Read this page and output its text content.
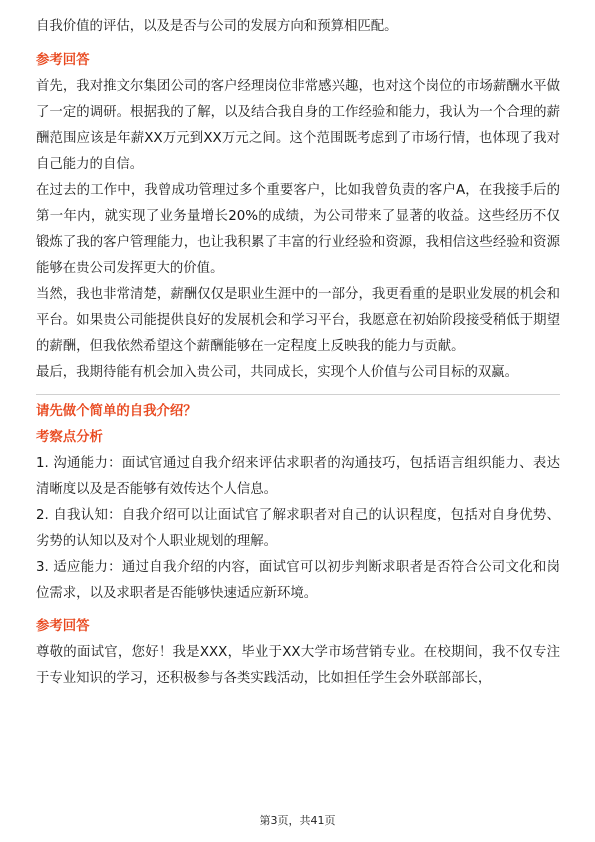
自我价值的评估，以及是否与公司的发展方向和预算相匹配。

参考回答

首先，我对推文尔集团公司的客户经理岗位非常感兴趣，也对这个岗位的市场薪酬水平做了一定的调研。根据我的了解，以及结合我自身的工作经验和能力，我认为一个合理的薪酬范围应该是年薪XX万元到XX万元之间。这个范围既考虑到了市场行情，也体现了我对自己能力的自信。

在过去的工作中，我曾成功管理过多个重要客户，比如我曾负责的客户A，在我接手后的第一年内，就实现了业务量增长20%的成绩，为公司带来了显著的收益。这些经历不仅锻炼了我的客户管理能力，也让我积累了丰富的行业经验和资源，我相信这些经验和资源能够在贵公司发挥更大的价值。

当然，我也非常清楚，薪酬仅仅是职业生涯中的一部分，我更看重的是职业发展的机会和平台。如果贵公司能提供良好的发展机会和学习平台，我愿意在初始阶段接受稍低于期望的薪酬，但我依然希望这个薪酬能够在一定程度上反映我的能力与贡献。

最后，我期待能有机会加入贵公司，共同成长，实现个人价值与公司目标的双赢。

请先做个简单的自我介绍？
考察点分析

1. 沟通能力：面试官通过自我介绍来评估求职者的沟通技巧，包括语言组织能力、表达清晰度以及是否能够有效传达个人信息。

2. 自我认知：自我介绍可以让面试官了解求职者对自己的认识程度，包括对自身优势、劣势的认知以及对个人职业规划的理解。

3. 适应能力：通过自我介绍的内容，面试官可以初步判断求职者是否符合公司文化和岗位需求，以及求职者是否能够快速适应新环境。

参考回答

尊敬的面试官，您好！我是XXX，毕业于XX大学市场营销专业。在校期间，我不仅专注于专业知识的学习，还积极参与各类实践活动，比如担任学生会外联部部长，

第3页，共41页
